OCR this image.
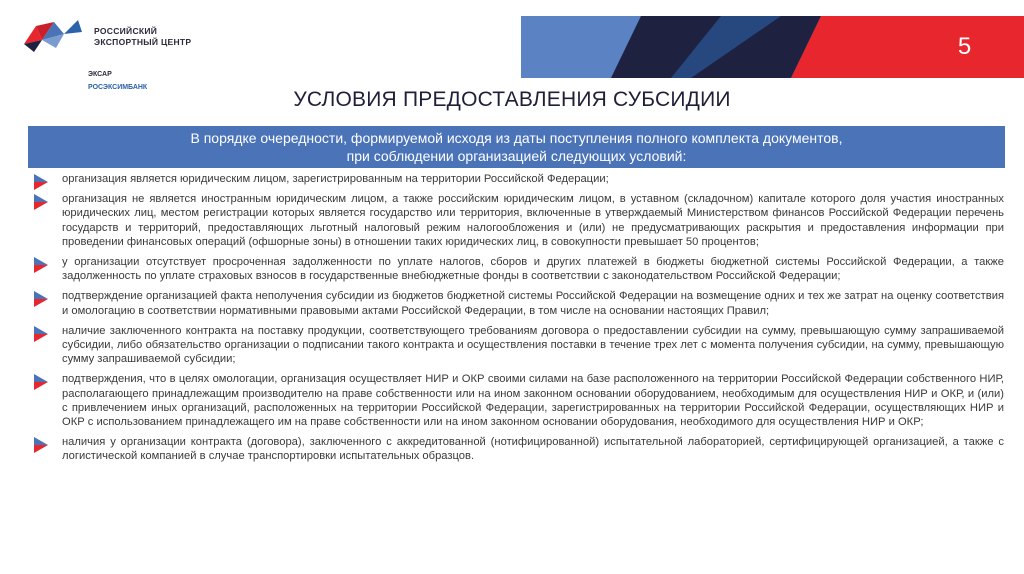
РОССИЙСКИЙ
ЭКСПОРТНЫЙ ЦЕНТР
ЭКСАР
РОСЭКСИМБАНК
5
УСЛОВИЯ ПРЕДОСТАВЛЕНИЯ СУБСИДИИ
В порядке очередности, формируемой исходя из даты поступления полного комплекта документов,
при соблюдении организацией следующих условий:
организация является юридическим лицом, зарегистрированным на территории Российской Федерации;
организация не является иностранным юридическим лицом, а также российским юридическим лицом, в уставном (складочном) капитале которого доля участия иностранных юридических лиц, местом регистрации которых является государство или территория, включенные в утверждаемый Министерством финансов Российской Федерации перечень государств и территорий, предоставляющих льготный налоговый режим налогообложения и (или) не предусматривающих раскрытия и предоставления информации при проведении финансовых операций (офшорные зоны) в отношении таких юридических лиц, в совокупности превышает 50 процентов;
у организации отсутствует просроченная задолженности по уплате налогов, сборов и других платежей в бюджеты бюджетной системы Российской Федерации, а также задолженность по уплате страховых взносов в государственные внебюджетные фонды в соответствии с законодательством Российской Федерации;
подтверждение организацией факта неполучения субсидии из бюджетов бюджетной системы Российской Федерации на возмещение одних и тех же затрат на оценку соответствия и омологацию в соответствии нормативными правовыми актами Российской Федерации, в том числе на основании настоящих Правил;
наличие заключенного контракта на поставку продукции, соответствующего требованиям договора о предоставлении субсидии на сумму, превышающую сумму запрашиваемой субсидии, либо обязательство организации о подписании такого контракта и осуществления поставки в течение трех лет с момента получения субсидии, на сумму, превышающую сумму запрашиваемой субсидии;
подтверждения, что в целях омологации, организация осуществляет НИР и ОКР своими силами на базе расположенного на территории Российской Федерации собственного НИР, располагающего принадлежащим производителю на праве собственности или на ином законном основании оборудованием, необходимым для осуществления НИР и ОКР, и (или) с привлечением иных организаций, расположенных на территории Российской Федерации, зарегистрированных на территории Российской Федерации, осуществляющих НИР и ОКР с использованием принадлежащего им на праве собственности или на ином законном основании оборудования, необходимого для осуществления НИР и ОКР;
наличия у организации контракта (договора), заключенного с аккредитованной (нотифицированной) испытательной лабораторией, сертифицирующей организацией, а также с логистической компанией в случае транспортировки испытательных образцов.
